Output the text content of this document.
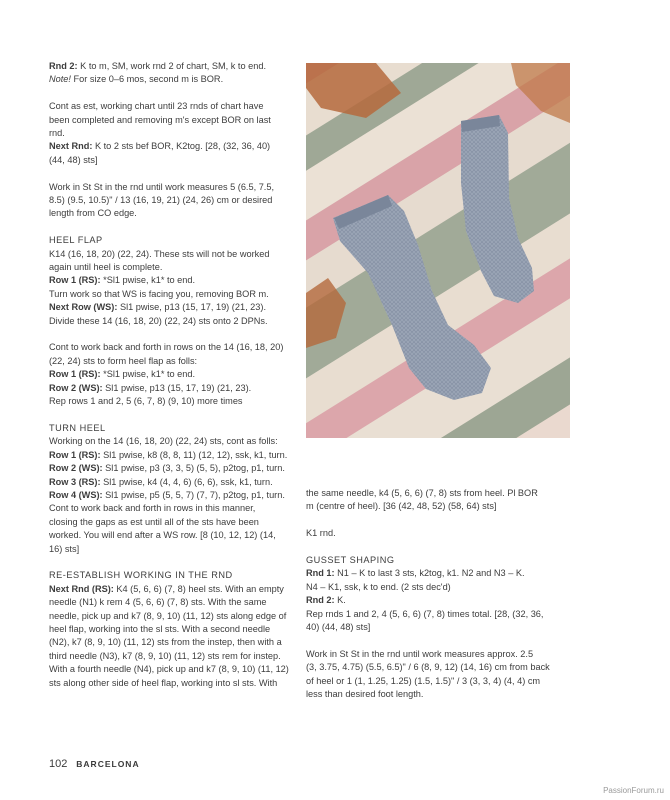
Rnd 2: K to m, SM, work rnd 2 of chart, SM, k to end.
Note! For size 0–6 mos, second m is BOR.
Cont as est, working chart until 23 rnds of chart have
been completed and removing m's except BOR on last
rnd.
Next Rnd: K to 2 sts bef BOR, K2tog. [28, (32, 36, 40)
(44, 48) sts]
Work in St St in the rnd until work measures 5 (6.5, 7.5,
8.5) (9.5, 10.5)" / 13 (16, 19, 21) (24, 26) cm or desired
length from CO edge.
HEEL FLAP
K14 (16, 18, 20) (22, 24). These sts will not be worked
again until heel is complete.
Row 1 (RS): *Sl1 pwise, k1* to end.
Turn work so that WS is facing you, removing BOR m.
Next Row (WS): Sl1 pwise, p13 (15, 17, 19) (21, 23).
Divide these 14 (16, 18, 20) (22, 24) sts onto 2 DPNs.
Cont to work back and forth in rows on the 14 (16, 18, 20)
(22, 24) sts to form heel flap as folls:
Row 1 (RS): *Sl1 pwise, k1* to end.
Row 2 (WS): Sl1 pwise, p13 (15, 17, 19) (21, 23).
Rep rows 1 and 2, 5 (6, 7, 8) (9, 10) more times
TURN HEEL
Working on the 14 (16, 18, 20) (22, 24) sts, cont as folls:
Row 1 (RS): Sl1 pwise, k8 (8, 8, 11) (12, 12), ssk, k1, turn.
Row 2 (WS): Sl1 pwise, p3 (3, 3, 5) (5, 5), p2tog, p1, turn.
Row 3 (RS): Sl1 pwise, k4 (4, 4, 6) (6, 6), ssk, k1, turn.
Row 4 (WS): Sl1 pwise, p5 (5, 5, 7) (7, 7), p2tog, p1, turn.
Cont to work back and forth in rows in this manner,
closing the gaps as est until all of the sts have been
worked. You will end after a WS row. [8 (10, 12, 12) (14,
16) sts]
RE-ESTABLISH WORKING IN THE RND
Next Rnd (RS): K4 (5, 6, 6) (7, 8) heel sts. With an empty
needle (N1) k rem 4 (5, 6, 6) (7, 8) sts. With the same
needle, pick up and k7 (8, 9, 10) (11, 12) sts along edge of
heel flap, working into the sl sts. With a second needle
(N2), k7 (8, 9, 10) (11, 12) sts from the instep, then with a
third needle (N3), k7 (8, 9, 10) (11, 12) sts rem for instep.
With a fourth needle (N4), pick up and k7 (8, 9, 10) (11, 12)
sts along other side of heel flap, working into sl sts. With
the same needle, k4 (5, 6, 6) (7, 8) sts from heel. Pl BOR
m (centre of heel). [36 (42, 48, 52) (58, 64) sts]
K1 rnd.
GUSSET SHAPING
Rnd 1: N1 – K to last 3 sts, k2tog, k1. N2 and N3 – K.
N4 – K1, ssk, k to end. (2 sts dec'd)
Rnd 2: K.
Rep rnds 1 and 2, 4 (5, 6, 6) (7, 8) times total. [28, (32, 36,
40) (44, 48) sts]
Work in St St in the rnd until work measures approx. 2.5
(3, 3.75, 4.75) (5.5, 6.5)" / 6 (8, 9, 12) (14, 16) cm from back
of heel or 1 (1, 1.25, 1.25) (1.5, 1.5)" / 3 (3, 3, 4) (4, 4) cm
less than desired foot length.
102 BARCELONA
PassionForum.ru
